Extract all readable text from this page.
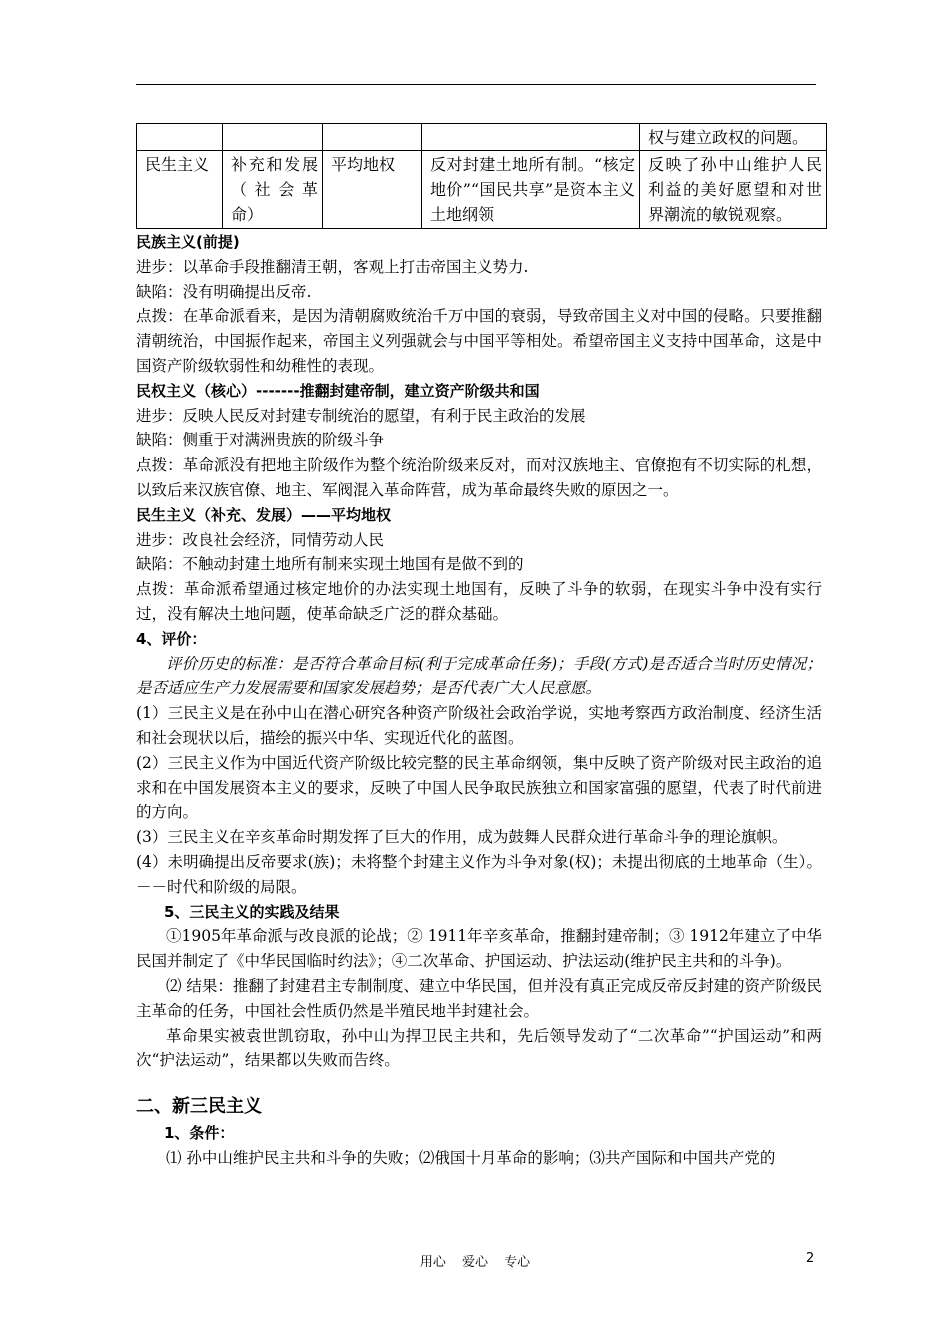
				权与建立政权的问题。
民生主义	补充和发展（社会革命）	平均地权	反对封建土地所有制。“核定地价”“国民共享”是资本主义土地纲领	反映了孙中山维护人民利益的美好愿望和对世界潮流的敏锐观察。

民族主义(前提)

进步：以革命手段推翻清王朝，客观上打击帝国主义势力.

缺陷：没有明确提出反帝.

点拨：在革命派看来，是因为清朝腐败统治千万中国的衰弱，导致帝国主义对中国的侵略。只要推翻清朝统治，中国振作起来，帝国主义列强就会与中国平等相处。希望帝国主义支持中国革命，这是中国资产阶级软弱性和幼稚性的表现。

民权主义（核心）-------推翻封建帝制，建立资产阶级共和国

进步：反映人民反对封建专制统治的愿望，有利于民主政治的发展

缺陷：侧重于对满洲贵族的阶级斗争

点拨：革命派没有把地主阶级作为整个统治阶级来反对，而对汉族地主、官僚抱有不切实际的札想，以致后来汉族官僚、地主、军阀混入革命阵营，成为革命最终失败的原因之一。

民生主义（补充、发展）——平均地权

进步：改良社会经济，同情劳动人民

缺陷：不触动封建土地所有制来实现土地国有是做不到的

点拨：革命派希望通过核定地价的办法实现土地国有，反映了斗争的软弱，在现实斗争中没有实行过，没有解决土地问题，使革命缺乏广泛的群众基础。

4、评价：

评价历史的标准：是否符合革命目标(利于完成革命任务)；手段(方式)是否适合当时历史情况；是否适应生产力发展需要和国家发展趋势；是否代表广大人民意愿。

(1）三民主义是在孙中山在潜心研究各种资产阶级社会政治学说，实地考察西方政治制度、经济生活和社会现状以后，描绘的振兴中华、实现近代化的蓝图。

(2）三民主义作为中国近代资产阶级比较完整的民主革命纲领，集中反映了资产阶级对民主政治的追求和在中国发展资本主义的要求，反映了中国人民争取民族独立和国家富强的愿望，代表了时代前进的方向。

(3）三民主义在辛亥革命时期发挥了巨大的作用，成为鼓舞人民群众进行革命斗争的理论旗帜。

(4）未明确提出反帝要求(族)；未将整个封建主义作为斗争对象(权)；未提出彻底的土地革命（生）。－－时代和阶级的局限。

5、三民主义的实践及结果

①1905年革命派与改良派的论战；② 1911年辛亥革命，推翻封建帝制；③ 1912年建立了中华民国并制定了《中华民国临时约法》；④二次革命、护国运动、护法运动(维护民主共和的斗争)。

⑵ 结果：推翻了封建君主专制制度、建立中华民国，但并没有真正完成反帝反封建的资产阶级民主革命的任务，中国社会性质仍然是半殖民地半封建社会。

革命果实被袁世凯窃取，孙中山为捍卫民主共和，先后领导发动了“二次革命”“护国运动”和两次“护法运动”，结果都以失败而告终。

二、新三民主义

1、条件：

⑴ 孙中山维护民主共和斗争的失败；⑵俄国十月革命的影响；⑶共产国际和中国共产党的

用心 爱心 专心	2
